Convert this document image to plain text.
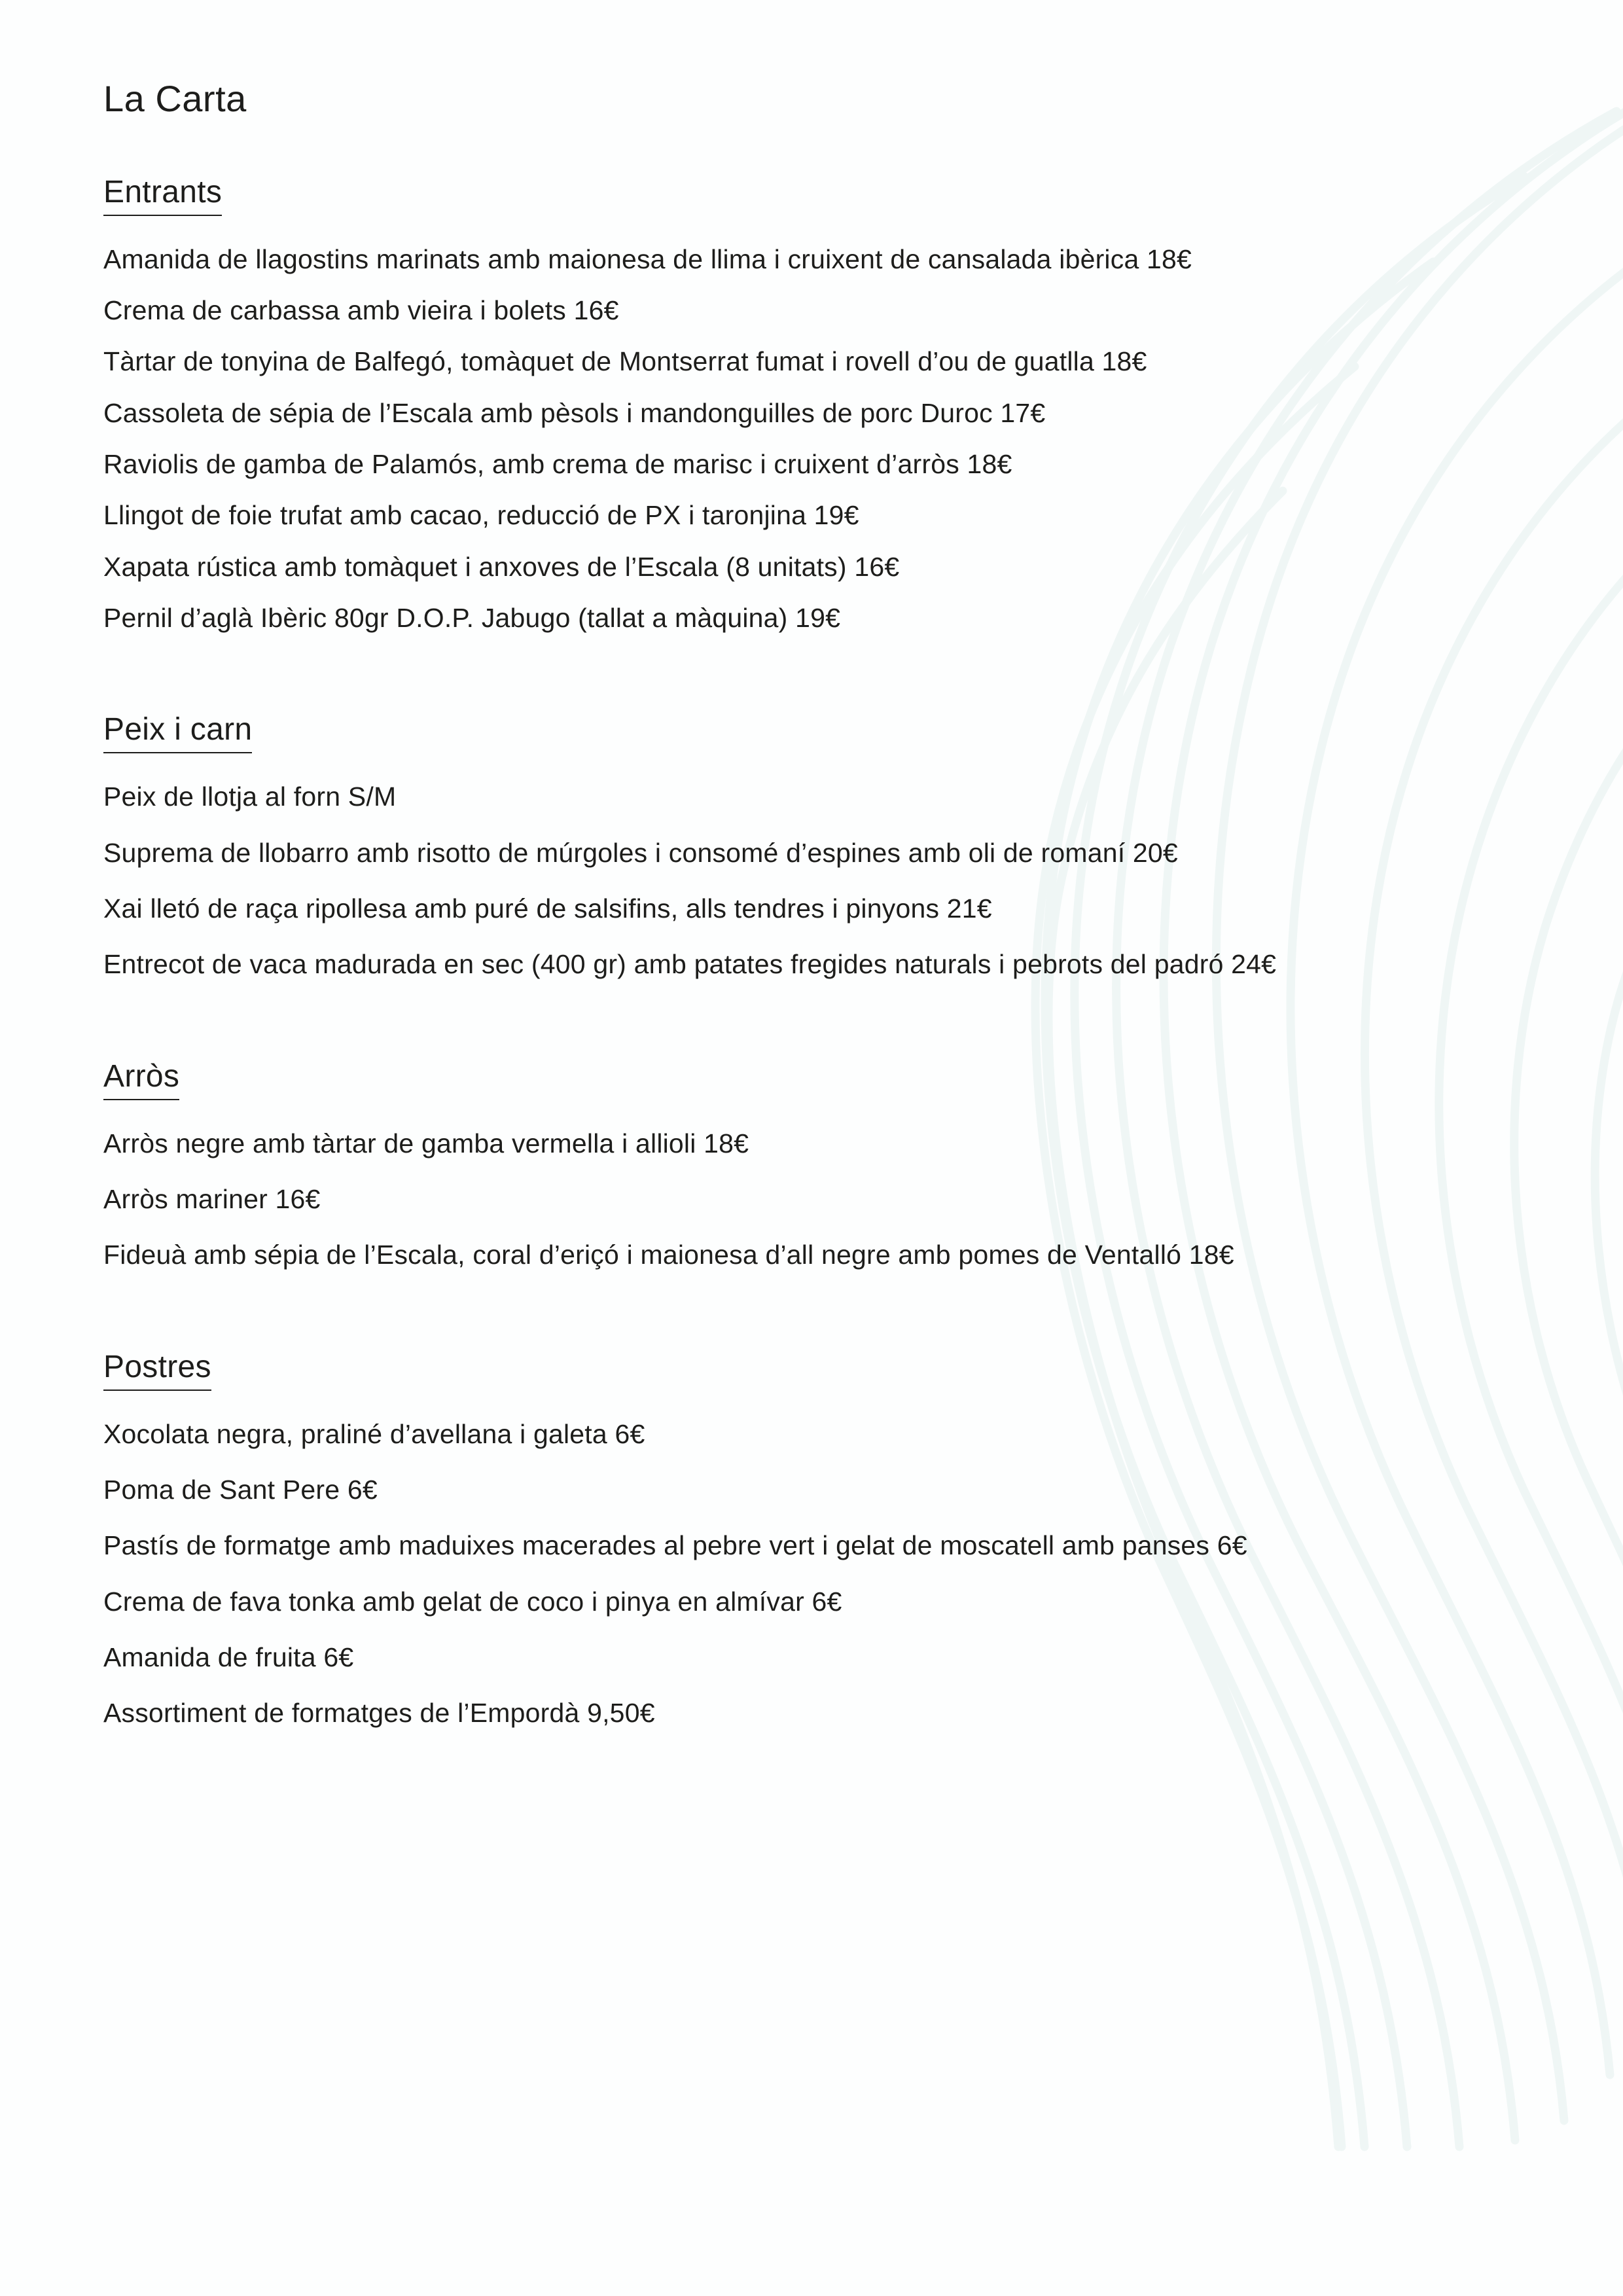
La Carta
Entrants
Amanida de llagostins marinats amb maionesa de llima i cruixent de cansalada ibèrica 18€
Crema de carbassa amb vieira i bolets 16€
Tàrtar de tonyina de Balfegó, tomàquet de Montserrat fumat i rovell d’ou de guatlla 18€
Cassoleta de sépia de l’Escala amb pèsols i mandonguilles de porc Duroc 17€
Raviolis de gamba de Palamós, amb crema de marisc i cruixent d’arròs 18€
Llingot de foie trufat amb cacao, reducció de PX i taronjina 19€
Xapata rústica amb tomàquet i anxoves de l’Escala (8 unitats) 16€
Pernil d’aglà Ibèric 80gr D.O.P. Jabugo (tallat a màquina) 19€
Peix i carn
Peix de llotja al forn S/M
Suprema de llobarro amb risotto de múrgoles i consomé d’espines amb oli de romaní 20€
Xai lletó de raça ripollesa amb puré de salsifins, alls tendres i pinyons 21€
Entrecot de vaca madurada en sec (400 gr) amb patates fregides naturals i pebrots del padró 24€
Arròs
Arròs negre amb tàrtar de gamba vermella i allioli 18€
Arròs mariner 16€
Fideuà amb sépia de l’Escala, coral d’eriçó i maionesa d’all negre amb pomes de Ventalló 18€
Postres
Xocolata negra, praliné d’avellana i galeta 6€
Poma de Sant Pere 6€
Pastís de formatge amb maduixes macerades al pebre vert i gelat de moscatell amb panses 6€
Crema de fava tonka amb gelat de coco i pinya en almívar 6€
Amanida de fruita 6€
Assortiment de formatges de l’Empordà 9,50€
